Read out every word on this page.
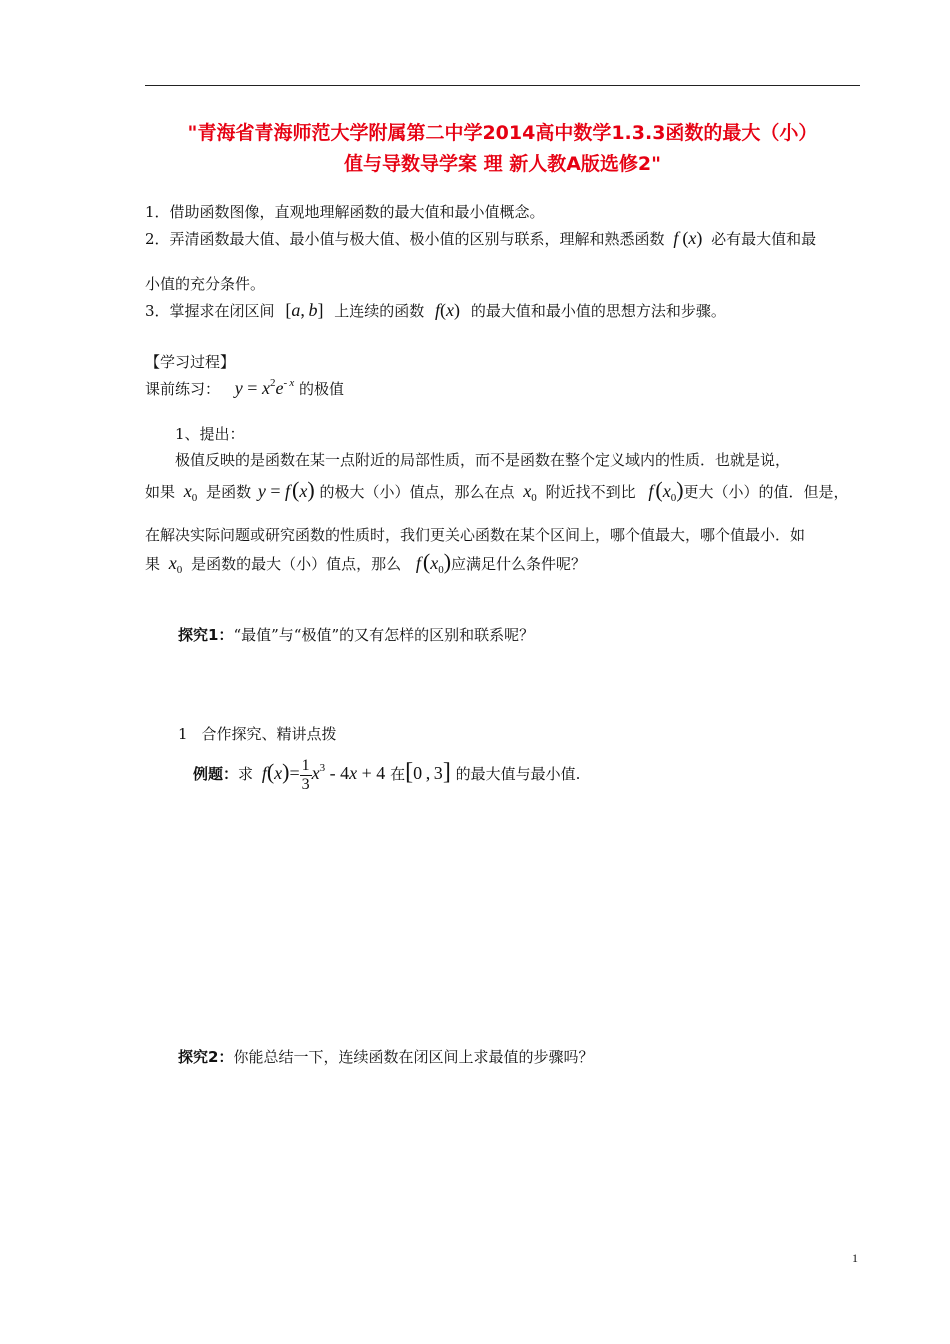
"青海省青海师范大学附属第二中学2014高中数学1.3.3函数的最大（小）
值与导数导学案 理 新人教A版选修2"
1．借助函数图像，直观地理解函数的最大值和最小值概念。
2．弄清函数最大值、最小值与极大值、极小值的区别与联系，理解和熟悉函数 f (x) 必有最大值和最
小值的充分条件。
3．掌握求在闭区间 [a, b] 上连续的函数 f(x) 的最大值和最小值的思想方法和步骤。
【学习过程】
课前练习： $y = x^2e^{- x}$ 的极值
1、提出：
极值反映的是函数在某一点附近的局部性质，而不是函数在整个定义域内的性质．也就是说，
如果 $x_0$ 是函数 y = f(x) 的极大（小）值点，那么在点 $x_0$ 附近找不到比 $f(x_0)$更大（小）的值．但是，
在解决实际问题或研究函数的性质时，我们更关心函数在某个区间上，哪个值最大，哪个值最小．如
果 $x_0$ 是函数的最大（小）值点，那么 $f(x_0)$应满足什么条件呢？
探究1：“最值”与“极值”的又有怎样的区别和联系呢？
1 合作探究、精讲点拨
例题：求 $f(x)= \frac{1}{3} x^3 - 4x + 4$ 在[0 , 3] 的最大值与最小值.
探究2：你能总结一下，连续函数在闭区间上求最值的步骤吗？
1
